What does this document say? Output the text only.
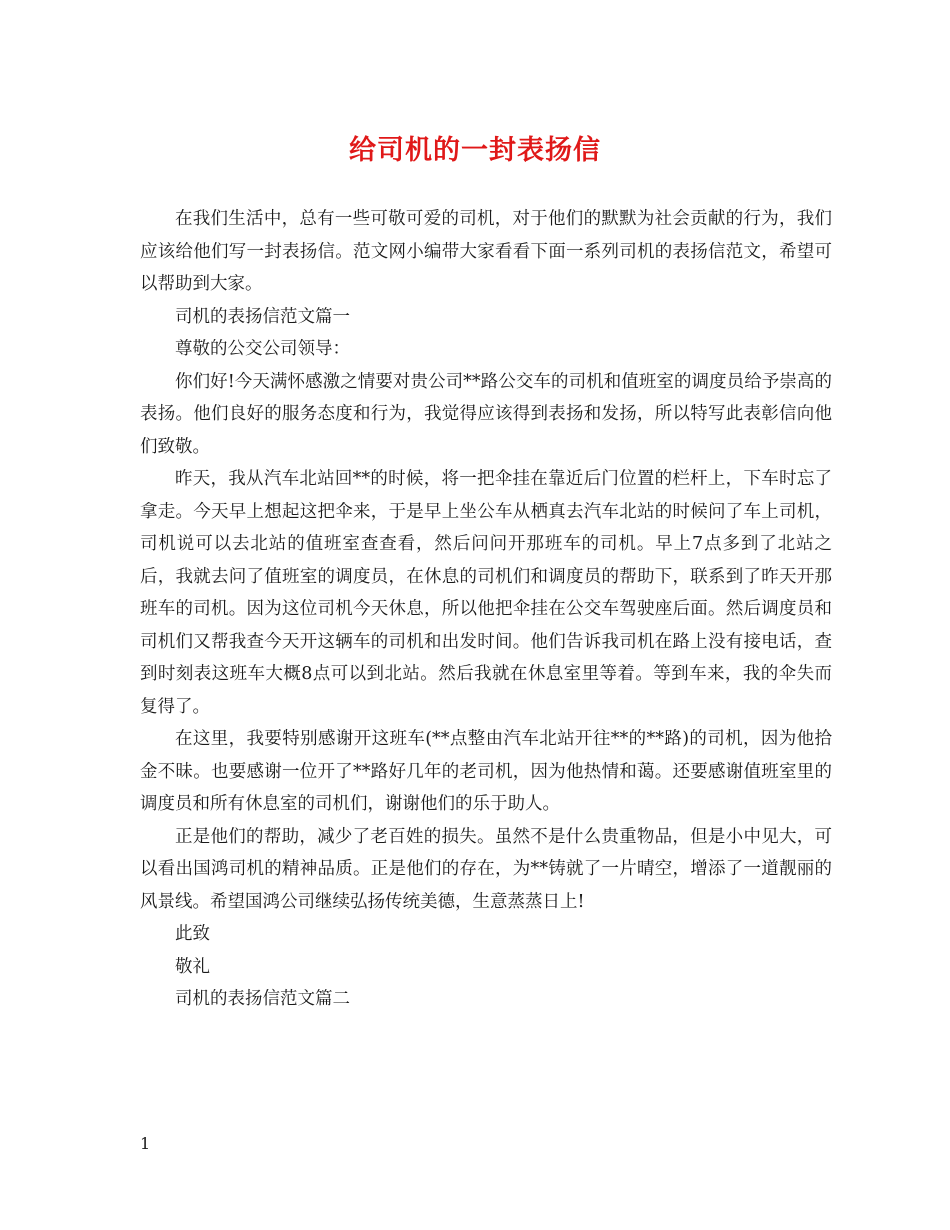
给司机的一封表扬信

在我们生活中，总有一些可敬可爱的司机，对于他们的默默为社会贡献的行为，我们应该给他们写一封表扬信。范文网小编带大家看看下面一系列司机的表扬信范文，希望可以帮助到大家。

司机的表扬信范文篇一

尊敬的公交公司领导：

你们好!今天满怀感激之情要对贵公司**路公交车的司机和值班室的调度员给予崇高的表扬。他们良好的服务态度和行为，我觉得应该得到表扬和发扬，所以特写此表彰信向他们致敬。

昨天，我从汽车北站回**的时候，将一把伞挂在靠近后门位置的栏杆上，下车时忘了拿走。今天早上想起这把伞来，于是早上坐公车从栖真去汽车北站的时候问了车上司机，司机说可以去北站的值班室查查看，然后问问开那班车的司机。早上7点多到了北站之后，我就去问了值班室的调度员，在休息的司机们和调度员的帮助下，联系到了昨天开那班车的司机。因为这位司机今天休息，所以他把伞挂在公交车驾驶座后面。然后调度员和司机们又帮我查今天开这辆车的司机和出发时间。他们告诉我司机在路上没有接电话，查到时刻表这班车大概8点可以到北站。然后我就在休息室里等着。等到车来，我的伞失而复得了。

在这里，我要特别感谢开这班车(**点整由汽车北站开往**的**路)的司机，因为他拾金不昧。也要感谢一位开了**路好几年的老司机，因为他热情和蔼。还要感谢值班室里的调度员和所有休息室的司机们，谢谢他们的乐于助人。

正是他们的帮助，减少了老百姓的损失。虽然不是什么贵重物品，但是小中见大，可以看出国鸿司机的精神品质。正是他们的存在，为**铸就了一片晴空，增添了一道靓丽的风景线。希望国鸿公司继续弘扬传统美德，生意蒸蒸日上!

此致

敬礼

司机的表扬信范文篇二

1
